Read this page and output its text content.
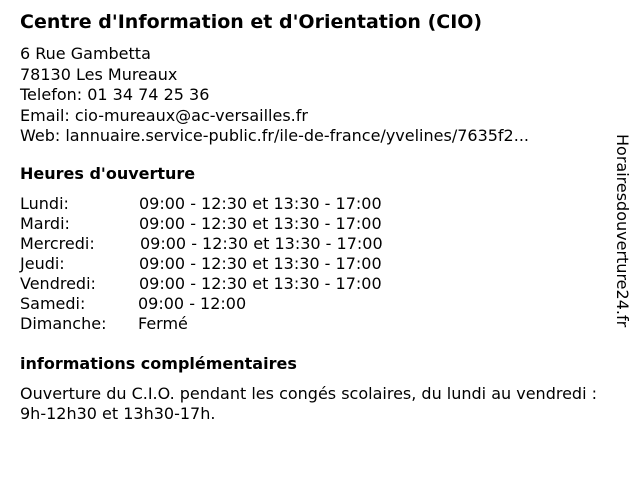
Centre d'Information et d'Orientation (CIO)
6 Rue Gambetta
78130 Les Mureaux
Telefon: 01 34 74 25 36
Email: cio-mureaux@ac-versailles.fr
Web: lannuaire.service-public.fr/ile-de-france/yvelines/7635f2...
Heures d'ouverture
Lundi:	09:00 - 12:30 et 13:30 - 17:00
Mardi:	09:00 - 12:30 et 13:30 - 17:00
Mercredi:	09:00 - 12:30 et 13:30 - 17:00
Jeudi:	09:00 - 12:30 et 13:30 - 17:00
Vendredi:	09:00 - 12:30 et 13:30 - 17:00
Samedi:	09:00 - 12:00
Dimanche: Fermé
informations complémentaires
Ouverture du C.I.O. pendant les congés scolaires, du lundi au vendredi : 9h-12h30 et 13h30-17h.
Horairesdouverture24.fr
